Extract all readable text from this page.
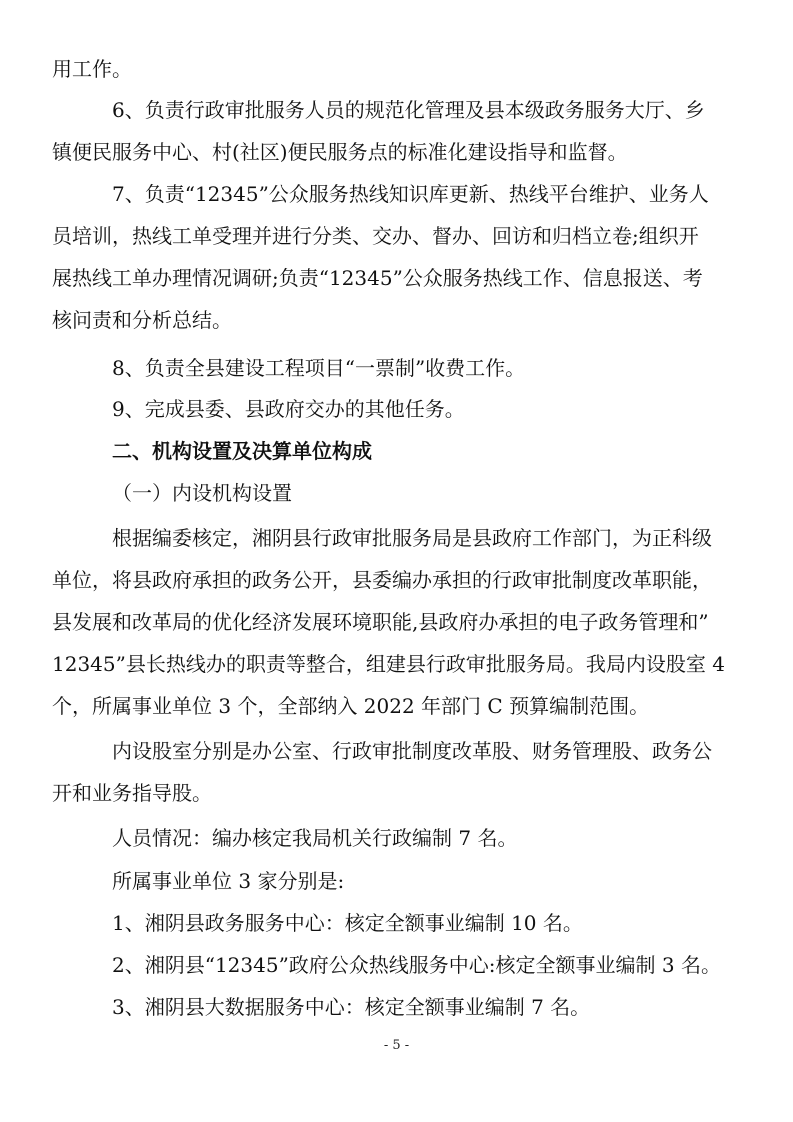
用工作。
6、负责行政审批服务人员的规范化管理及县本级政务服务大厅、乡
镇便民服务中心、村(社区)便民服务点的标准化建设指导和监督。
7、负责“12345”公众服务热线知识库更新、热线平台维护、业务人
员培训，热线工单受理并进行分类、交办、督办、回访和归档立卷;组织开
展热线工单办理情况调研;负责“12345”公众服务热线工作、信息报送、考
核问责和分析总结。
8、负责全县建设工程项目“一票制”收费工作。
9、完成县委、县政府交办的其他任务。
二、机构设置及决算单位构成
（一）内设机构设置
根据编委核定，湘阴县行政审批服务局是县政府工作部门，为正科级
单位，将县政府承担的政务公开，县委编办承担的行政审批制度改革职能，
县发展和改革局的优化经济发展环境职能,县政府办承担的电子政务管理和”
12345”县长热线办的职责等整合，组建县行政审批服务局。我局内设股室 4
个，所属事业单位 3 个，全部纳入 2022 年部门 C 预算编制范围。
内设股室分别是办公室、行政审批制度改革股、财务管理股、政务公
开和业务指导股。
人员情况：编办核定我局机关行政编制 7 名。
所属事业单位 3 家分别是:
1、湘阴县政务服务中心：核定全额事业编制 10 名。
2、湘阴县“12345”政府公众热线服务中心:核定全额事业编制 3 名。
3、湘阴县大数据服务中心：核定全额事业编制 7 名。
- 5 -
